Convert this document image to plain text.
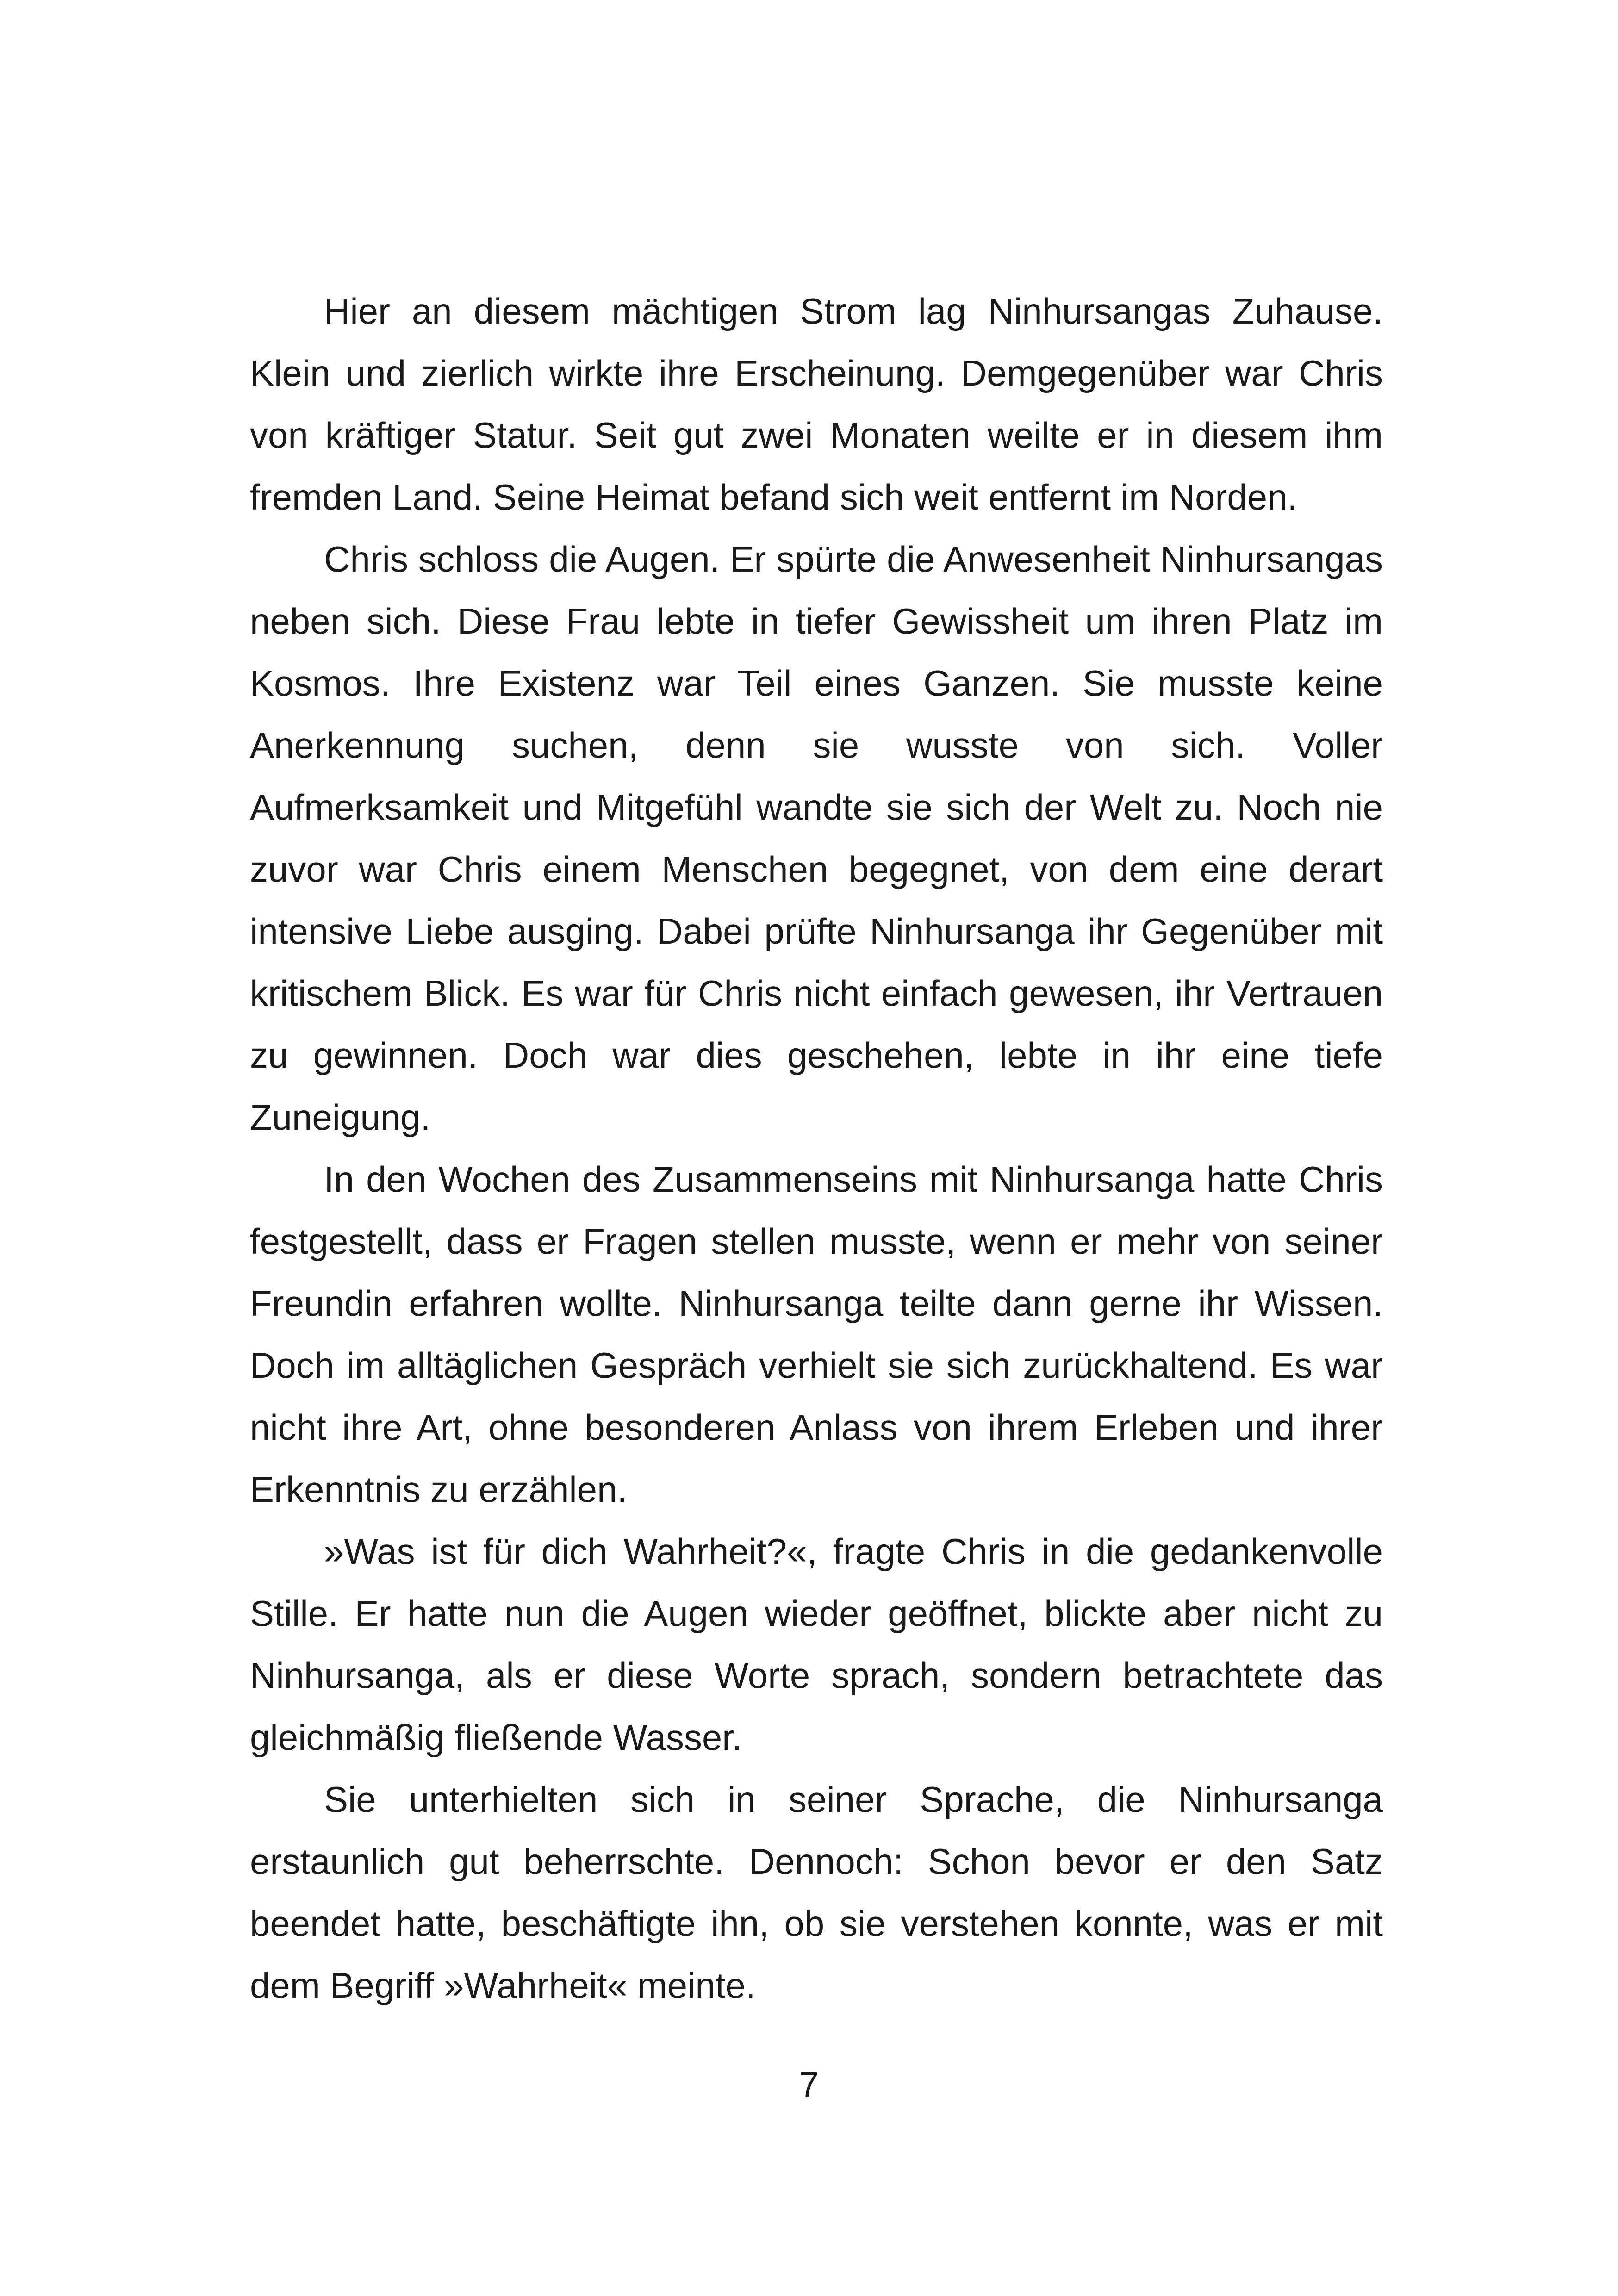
Hier an diesem mächtigen Strom lag Ninhursangas Zuhause. Klein und zierlich wirkte ihre Erscheinung. Demgegenüber war Chris von kräftiger Statur. Seit gut zwei Monaten weilte er in diesem ihm fremden Land. Seine Heimat befand sich weit entfernt im Norden.

Chris schloss die Augen. Er spürte die Anwesenheit Ninhursangas neben sich. Diese Frau lebte in tiefer Gewissheit um ihren Platz im Kosmos. Ihre Existenz war Teil eines Ganzen. Sie musste keine Anerkennung suchen, denn sie wusste von sich. Voller Aufmerksamkeit und Mitgefühl wandte sie sich der Welt zu. Noch nie zuvor war Chris einem Menschen begegnet, von dem eine derart intensive Liebe ausging. Dabei prüfte Ninhursanga ihr Gegenüber mit kritischem Blick. Es war für Chris nicht einfach gewesen, ihr Vertrauen zu gewinnen. Doch war dies geschehen, lebte in ihr eine tiefe Zuneigung.

In den Wochen des Zusammenseins mit Ninhursanga hatte Chris festgestellt, dass er Fragen stellen musste, wenn er mehr von seiner Freundin erfahren wollte. Ninhursanga teilte dann gerne ihr Wissen. Doch im alltäglichen Gespräch verhielt sie sich zurückhaltend. Es war nicht ihre Art, ohne besonderen Anlass von ihrem Erleben und ihrer Erkenntnis zu erzählen.

»Was ist für dich Wahrheit?«, fragte Chris in die gedankenvolle Stille. Er hatte nun die Augen wieder geöffnet, blickte aber nicht zu Ninhursanga, als er diese Worte sprach, sondern betrachtete das gleichmäßig fließende Wasser.

Sie unterhielten sich in seiner Sprache, die Ninhursanga erstaunlich gut beherrschte. Dennoch: Schon bevor er den Satz beendet hatte, beschäftigte ihn, ob sie verstehen konnte, was er mit dem Begriff »Wahrheit« meinte.

7
